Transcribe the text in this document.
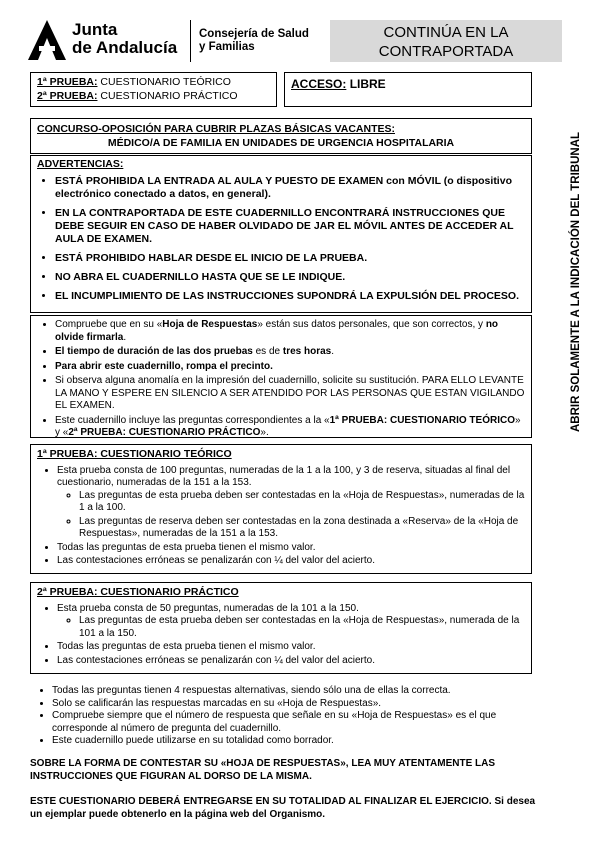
Junta
de Andalucía
Consejería de Salud
y Familias
CONTINÚA EN LA
CONTRAPORTADA
1ª PRUEBA: CUESTIONARIO TEÓRICO
2ª PRUEBA: CUESTIONARIO PRÁCTICO
ACCESO: LIBRE
CONCURSO-OPOSICIÓN PARA CUBRIR PLAZAS BÁSICAS VACANTES:
MÉDICO/A DE FAMILIA EN UNIDADES DE URGENCIA HOSPITALARIA
ADVERTENCIAS:
• ESTÁ PROHIBIDA LA ENTRADA AL AULA Y PUESTO DE EXAMEN con MÓVIL (o dispositivo electrónico conectado a datos, en general).
• EN LA CONTRAPORTADA DE ESTE CUADERNILLO ENCONTRARÁ INSTRUCCIONES QUE DEBE SEGUIR EN CASO DE HABER OLVIDADO DE JAR EL MÓVIL ANTES DE ACCEDER AL AULA DE EXAMEN.
• ESTÁ PROHIBIDO HABLAR DESDE EL INICIO DE LA PRUEBA.
• NO ABRA EL CUADERNILLO HASTA QUE SE LE INDIQUE.
• EL INCUMPLIMIENTO DE LAS INSTRUCCIONES SUPONDRÁ LA EXPULSIÓN DEL PROCESO.
• Compruebe que en su «Hoja de Respuestas» están sus datos personales, que son correctos, y no olvide firmarla.
• El tiempo de duración de las dos pruebas es de tres horas.
• Para abrir este cuadernillo, rompa el precinto.
• Si observa alguna anomalía en la impresión del cuadernillo, solicite su sustitución. PARA ELLO LEVANTE LA MANO Y ESPERE EN SILENCIO A SER ATENDIDO POR LAS PERSONAS QUE ESTAN VIGILANDO EL EXAMEN.
• Este cuadernillo incluye las preguntas correspondientes a la «1ª PRUEBA: CUESTIONARIO TEÓRICO» y «2ª PRUEBA: CUESTIONARIO PRÁCTICO».
1ª PRUEBA: CUESTIONARIO TEÓRICO
• Esta prueba consta de 100 preguntas, numeradas de la 1 a la 100, y 3 de reserva, situadas al final del cuestionario, numeradas de la 151 a la 153.
◦ Las preguntas de esta prueba deben ser contestadas en la «Hoja de Respuestas», numeradas de la 1 a la 100.
◦ Las preguntas de reserva deben ser contestadas en la zona destinada a «Reserva» de la «Hoja de Respuestas», numeradas de la 151 a la 153.
• Todas las preguntas de esta prueba tienen el mismo valor.
• Las contestaciones erróneas se penalizarán con ¼ del valor del acierto.
2ª PRUEBA: CUESTIONARIO PRÁCTICO
• Esta prueba consta de 50 preguntas, numeradas de la 101 a la 150.
◦ Las preguntas de esta prueba deben ser contestadas en la «Hoja de Respuestas», numerada de la 101 a la 150.
• Todas las preguntas de esta prueba tienen el mismo valor.
• Las contestaciones erróneas se penalizarán con ¼ del valor del acierto.
• Todas las preguntas tienen 4 respuestas alternativas, siendo sólo una de ellas la correcta.
• Solo se calificarán las respuestas marcadas en su «Hoja de Respuestas».
• Compruebe siempre que el número de respuesta que señale en su «Hoja de Respuestas» es el que corresponde al número de pregunta del cuadernillo.
• Este cuadernillo puede utilizarse en su totalidad como borrador.
SOBRE LA FORMA DE CONTESTAR SU «HOJA DE RESPUESTAS», LEA MUY ATENTAMENTE LAS INSTRUCCIONES QUE FIGURAN AL DORSO DE LA MISMA.
ESTE CUESTIONARIO DEBERÁ ENTREGARSE EN SU TOTALIDAD AL FINALIZAR EL EJERCICIO. Si desea un ejemplar puede obtenerlo en la página web del Organismo.
ABRIR SOLAMENTE A LA INDICACIÓN DEL TRIBUNAL
